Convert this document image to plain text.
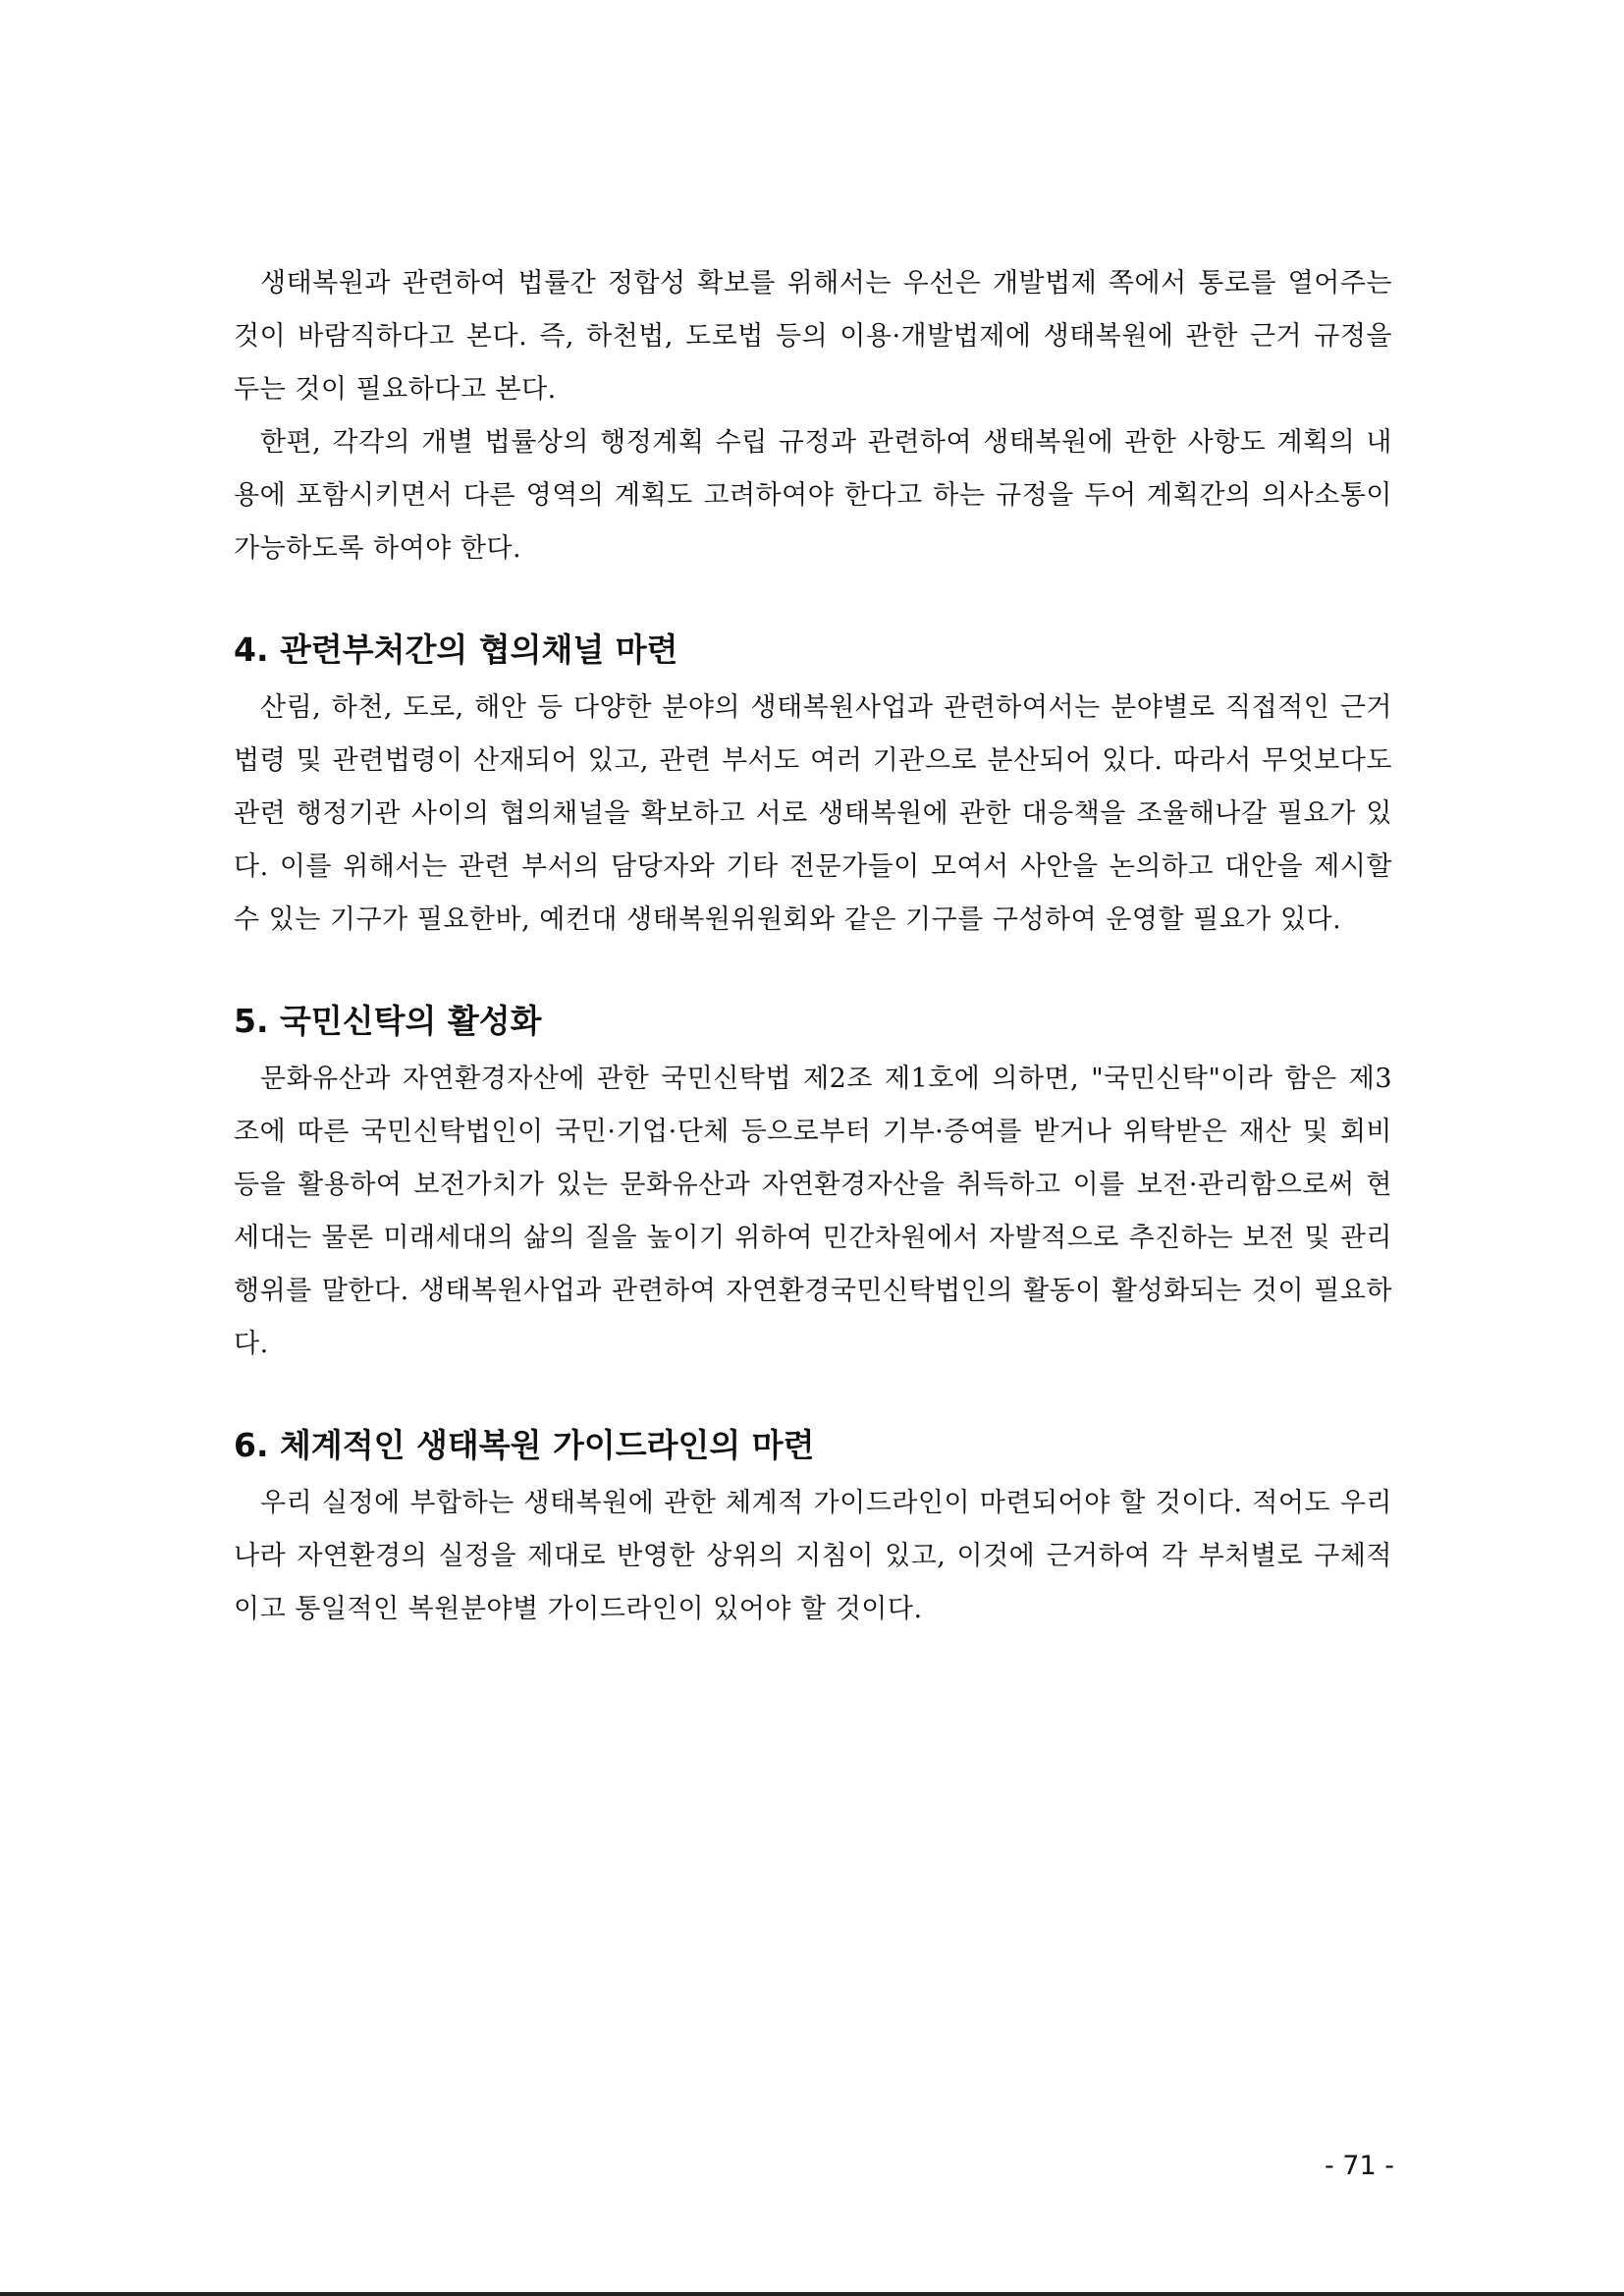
생태복원과 관련하여 법률간 정합성 확보를 위해서는 우선은 개발법제 쪽에서 통로를 열어주는 것이 바람직하다고 본다. 즉, 하천법, 도로법 등의 이용·개발법제에 생태복원에 관한 근거 규정을 두는 것이 필요하다고 본다.

한편, 각각의 개별 법률상의 행정계획 수립 규정과 관련하여 생태복원에 관한 사항도 계획의 내용에 포함시키면서 다른 영역의 계획도 고려하여야 한다고 하는 규정을 두어 계획간의 의사소통이 가능하도록 하여야 한다.

4. 관련부처간의 협의채널 마련

산림, 하천, 도로, 해안 등 다양한 분야의 생태복원사업과 관련하여서는 분야별로 직접적인 근거법령 및 관련법령이 산재되어 있고, 관련 부서도 여러 기관으로 분산되어 있다. 따라서 무엇보다도 관련 행정기관 사이의 협의채널을 확보하고 서로 생태복원에 관한 대응책을 조율해나갈 필요가 있다. 이를 위해서는 관련 부서의 담당자와 기타 전문가들이 모여서 사안을 논의하고 대안을 제시할 수 있는 기구가 필요한바, 예컨대 생태복원위원회와 같은 기구를 구성하여 운영할 필요가 있다.

5. 국민신탁의 활성화

문화유산과 자연환경자산에 관한 국민신탁법 제2조 제1호에 의하면, "국민신탁"이라 함은 제3조에 따른 국민신탁법인이 국민·기업·단체 등으로부터 기부·증여를 받거나 위탁받은 재산 및 회비 등을 활용하여 보전가치가 있는 문화유산과 자연환경자산을 취득하고 이를 보전·관리함으로써 현 세대는 물론 미래세대의 삶의 질을 높이기 위하여 민간차원에서 자발적으로 추진하는 보전 및 관리 행위를 말한다. 생태복원사업과 관련하여 자연환경국민신탁법인의 활동이 활성화되는 것이 필요하다.

6. 체계적인 생태복원 가이드라인의 마련

우리 실정에 부합하는 생태복원에 관한 체계적 가이드라인이 마련되어야 할 것이다. 적어도 우리나라 자연환경의 실정을 제대로 반영한 상위의 지침이 있고, 이것에 근거하여 각 부처별로 구체적이고 통일적인 복원분야별 가이드라인이 있어야 할 것이다.

- 71 -
